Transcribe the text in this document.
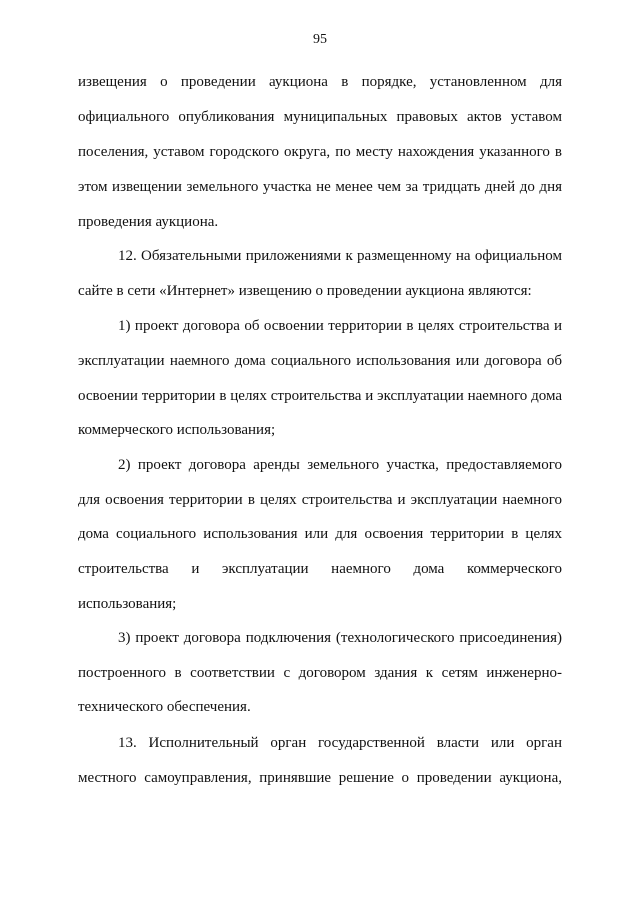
95
извещения о проведении аукциона в порядке, установленном для
официального опубликования муниципальных правовых актов уставом
поселения, уставом городского округа, по месту нахождения указанного в
этом извещении земельного участка не менее чем за тридцать дней до дня
проведения аукциона.
12. Обязательными приложениями к размещенному на официальном
сайте в сети «Интернет» извещению о проведении аукциона являются:
1) проект договора об освоении территории в целях строительства и
эксплуатации наемного дома социального использования или договора об
освоении территории в целях строительства и эксплуатации наемного дома
коммерческого использования;
2) проект договора аренды земельного участка, предоставляемого
для освоения территории в целях строительства и эксплуатации наемного
дома социального использования или для освоения территории в целях
строительства и эксплуатации наемного дома коммерческого
использования;
3) проект договора подключения (технологического присоединения)
построенного в соответствии с договором здания к сетям инженерно-
технического обеспечения.
13. Исполнительный орган государственной власти или орган
местного самоуправления, принявшие решение о проведении аукциона,
